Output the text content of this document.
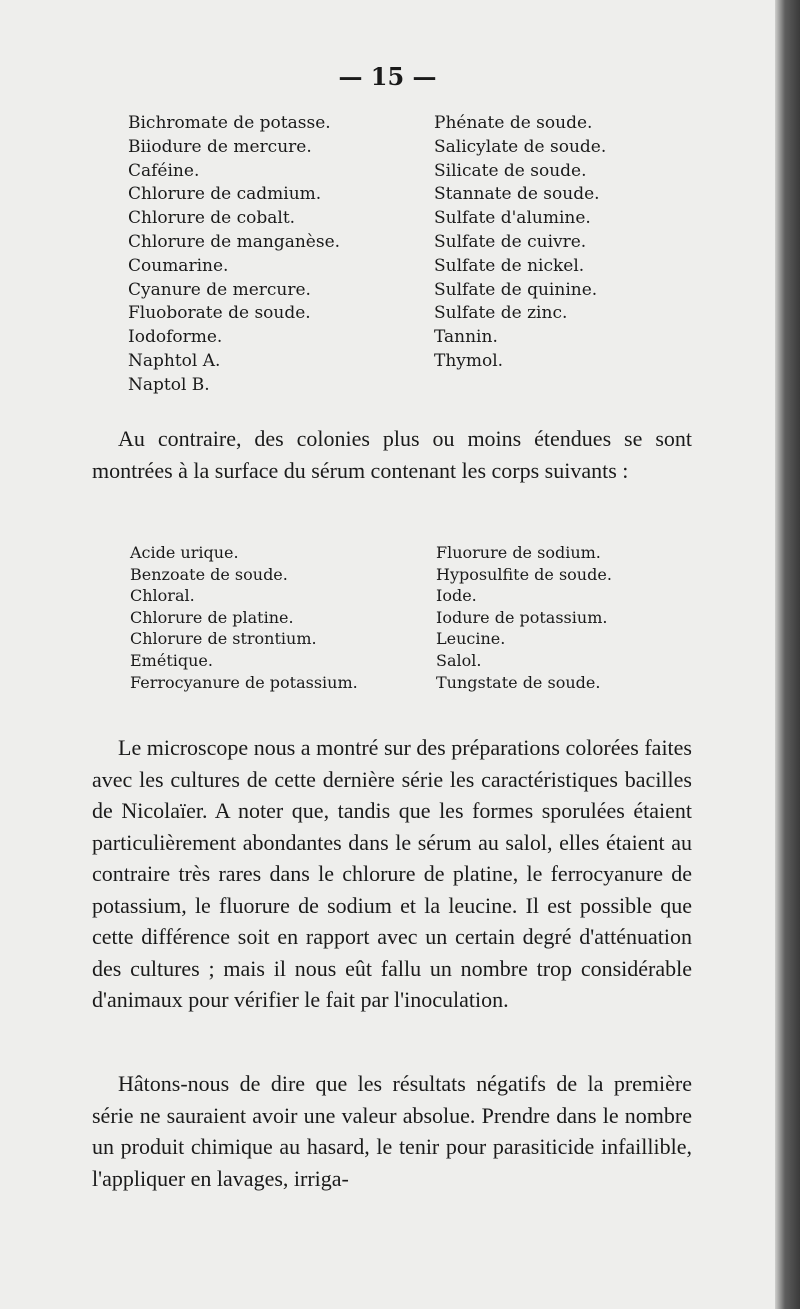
— 15 —
Bichromate de potasse.
Biiodure de mercure.
Caféine.
Chlorure de cadmium.
Chlorure de cobalt.
Chlorure de manganèse.
Coumarine.
Cyanure de mercure.
Fluoborate de soude.
Iodoforme.
Naphtol A.
Naptol B.
Phénate de soude.
Salicylate de soude.
Silicate de soude.
Stannate de soude.
Sulfate d'alumine.
Sulfate de cuivre.
Sulfate de nickel.
Sulfate de quinine.
Sulfate de zinc.
Tannin.
Thymol.

Au contraire, des colonies plus ou moins étendues se sont montrées à la surface du sérum contenant les corps suivants :

Acide urique.
Benzoate de soude.
Chloral.
Chlorure de platine.
Chlorure de strontium.
Emétique.
Ferrocyanure de potassium.
Fluorure de sodium.
Hyposulfite de soude.
Iode.
Iodure de potassium.
Leucine.
Salol.
Tungstate de soude.

Le microscope nous a montré sur des préparations colorées faites avec les cultures de cette dernière série les caractéristiques bacilles de Nicolaïer. A noter que, tandis que les formes sporulées étaient particulièrement abondantes dans le sérum au salol, elles étaient au contraire très rares dans le chlorure de platine, le ferrocyanure de potassium, le fluorure de sodium et la leucine. Il est possible que cette différence soit en rapport avec un certain degré d'atténuation des cultures ; mais il nous eût fallu un nombre trop considérable d'animaux pour vérifier le fait par l'inoculation.

Hâtons-nous de dire que les résultats négatifs de la première série ne sauraient avoir une valeur absolue. Prendre dans le nombre un produit chimique au hasard, le tenir pour parasiticide infaillible, l'appliquer en lavages, irriga-
